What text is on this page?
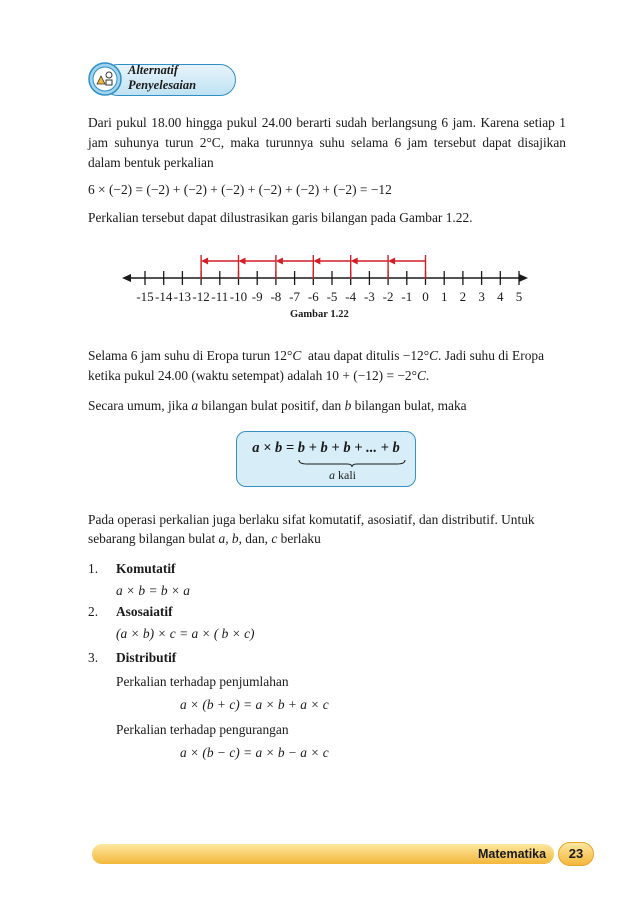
Alternatif
Penyelesaian
Dari pukul 18.00 hingga pukul 24.00 berarti sudah berlangsung 6 jam. Karena setiap 1 jam suhunya turun 2°C, maka turunnya suhu selama 6 jam tersebut dapat disajikan dalam bentuk perkalian
6 × (−2) = (−2) + (−2) + (−2) + (−2) + (−2) + (−2) = −12
Perkalian tersebut dapat dilustrasikan garis bilangan pada Gambar 1.22.
-15 -14 -13 -12 -11 -10 -9 -8 -7 -6 -5 -4 -3 -2 -1 0 1 2 3 4 5
Gambar 1.22
Selama 6 jam suhu di Eropa turun 12°C  atau dapat ditulis −12°C. Jadi suhu di Eropa
ketika pukul 24.00 (waktu setempat) adalah 10 + (−12) = −2°C.
Secara umum, jika a bilangan bulat positif, dan b bilangan bulat, maka
a × b = b + b + b + ... + b
a kali
Pada operasi perkalian juga berlaku sifat komutatif, asosiatif, dan distributif. Untuk
sebarang bilangan bulat a, b, dan, c berlaku
1. Komutatif
a × b = b × a
2. Asosaiatif
(a × b) × c = a × ( b × c)
3. Distributif
Perkalian terhadap penjumlahan
a × (b + c) = a × b + a × c
Perkalian terhadap pengurangan
a × (b − c) = a × b − a × c
Matematika	23
